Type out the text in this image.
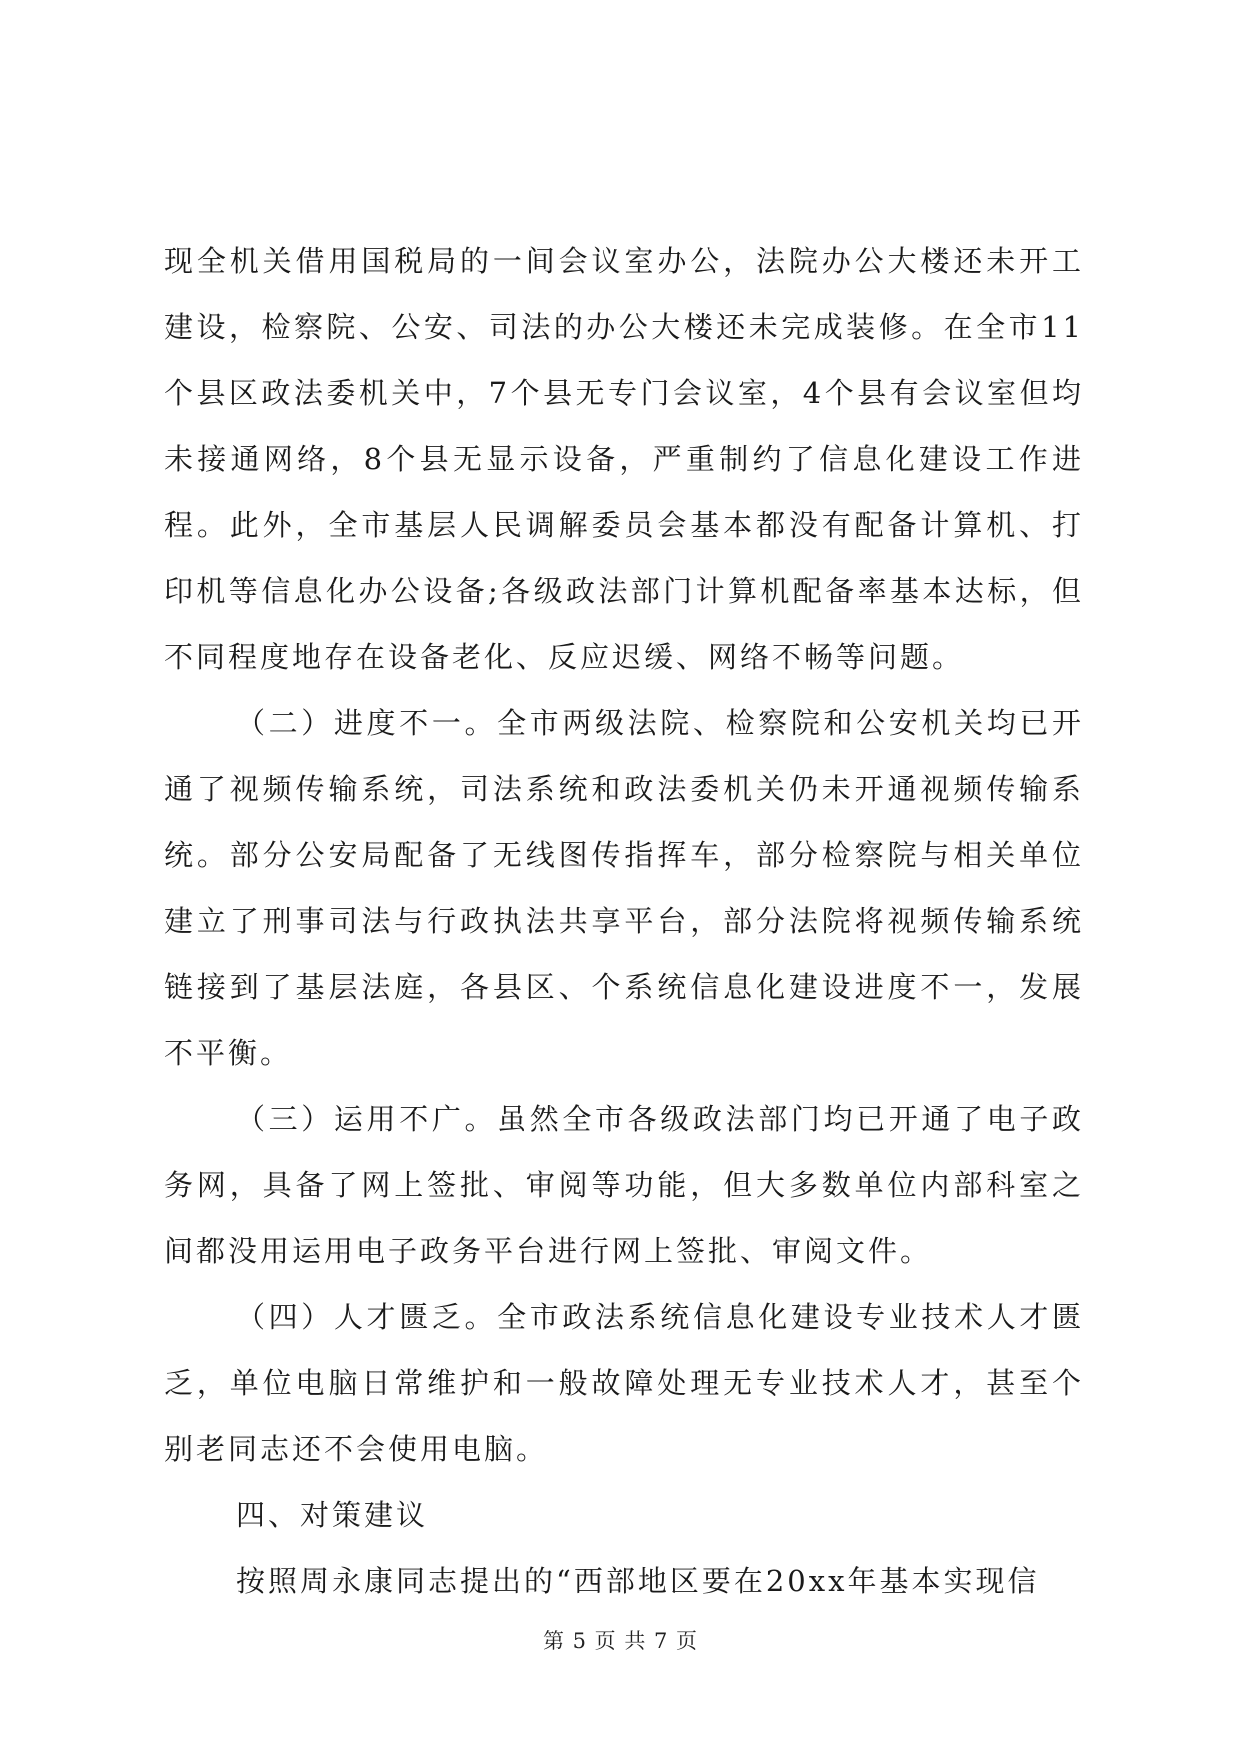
现全机关借用国税局的一间会议室办公，法院办公大楼还未开工建设，检察院、公安、司法的办公大楼还未完成装修。在全市11个县区政法委机关中，7个县无专门会议室，4个县有会议室但均未接通网络，8个县无显示设备，严重制约了信息化建设工作进程。此外，全市基层人民调解委员会基本都没有配备计算机、打印机等信息化办公设备;各级政法部门计算机配备率基本达标，但不同程度地存在设备老化、反应迟缓、网络不畅等问题。

（二）进度不一。全市两级法院、检察院和公安机关均已开通了视频传输系统，司法系统和政法委机关仍未开通视频传输系统。部分公安局配备了无线图传指挥车，部分检察院与相关单位建立了刑事司法与行政执法共享平台，部分法院将视频传输系统链接到了基层法庭，各县区、个系统信息化建设进度不一，发展不平衡。

（三）运用不广。虽然全市各级政法部门均已开通了电子政务网，具备了网上签批、审阅等功能，但大多数单位内部科室之间都没用运用电子政务平台进行网上签批、审阅文件。

（四）人才匮乏。全市政法系统信息化建设专业技术人才匮乏，单位电脑日常维护和一般故障处理无专业技术人才，甚至个别老同志还不会使用电脑。

四、对策建议

按照周永康同志提出的“西部地区要在20xx年基本实现信

第 5 页 共 7 页
